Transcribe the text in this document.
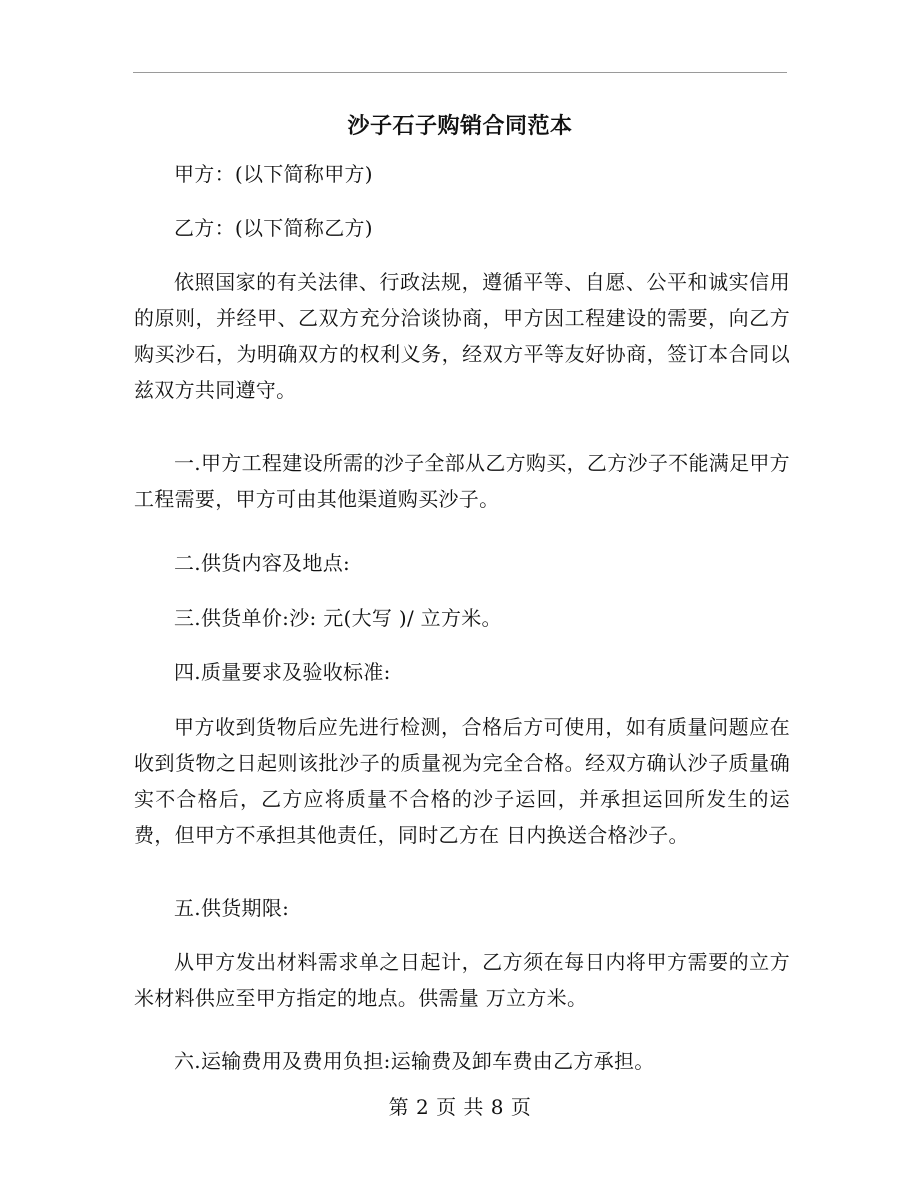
沙子石子购销合同范本

甲方：(以下简称甲方)

乙方：(以下简称乙方)

依照国家的有关法律、行政法规，遵循平等、自愿、公平和诚实信用的原则，并经甲、乙双方充分洽谈协商，甲方因工程建设的需要，向乙方购买沙石，为明确双方的权利义务，经双方平等友好协商，签订本合同以兹双方共同遵守。

一.甲方工程建设所需的沙子全部从乙方购买，乙方沙子不能满足甲方工程需要，甲方可由其他渠道购买沙子。

二.供货内容及地点:

三.供货单价:沙: 元(大写 )/ 立方米。

四.质量要求及验收标准:

甲方收到货物后应先进行检测，合格后方可使用，如有质量问题应在收到货物之日起则该批沙子的质量视为完全合格。经双方确认沙子质量确实不合格后，乙方应将质量不合格的沙子运回，并承担运回所发生的运费，但甲方不承担其他责任，同时乙方在 日内换送合格沙子。

五.供货期限:

从甲方发出材料需求单之日起计，乙方须在每日内将甲方需要的立方米材料供应至甲方指定的地点。供需量 万立方米。

六.运输费用及费用负担:运输费及卸车费由乙方承担。

第 2 页 共 8 页
